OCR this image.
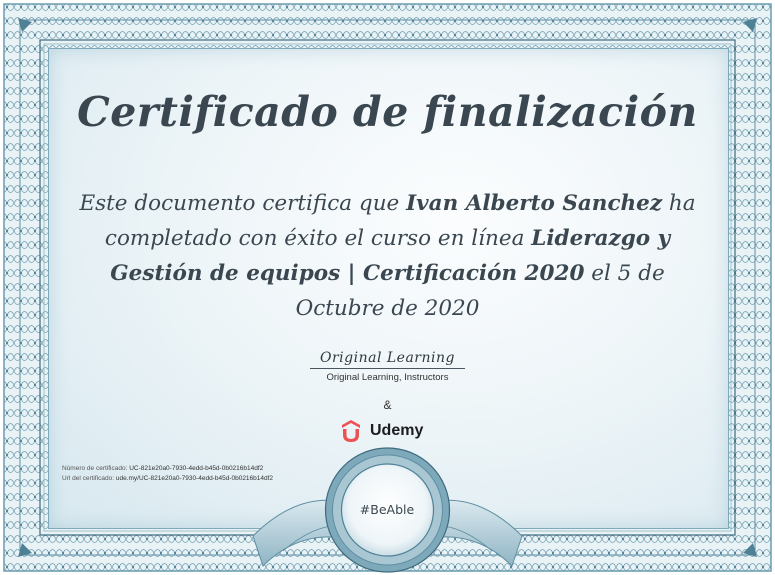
Certificado de finalización
Este documento certifica que Ivan Alberto Sanchez ha completado con éxito el curso en línea Liderazgo y Gestión de equipos | Certificación 2020 el 5 de Octubre de 2020
Original Learning
Original Learning, Instructors
&
Udemy
Número de certificado: UC-821e20a0-7930-4edd-b45d-0b0216b14df2
Url del certificado: ude.my/UC-821e20a0-7930-4edd-b45d-0b0216b14df2
#BeAble
